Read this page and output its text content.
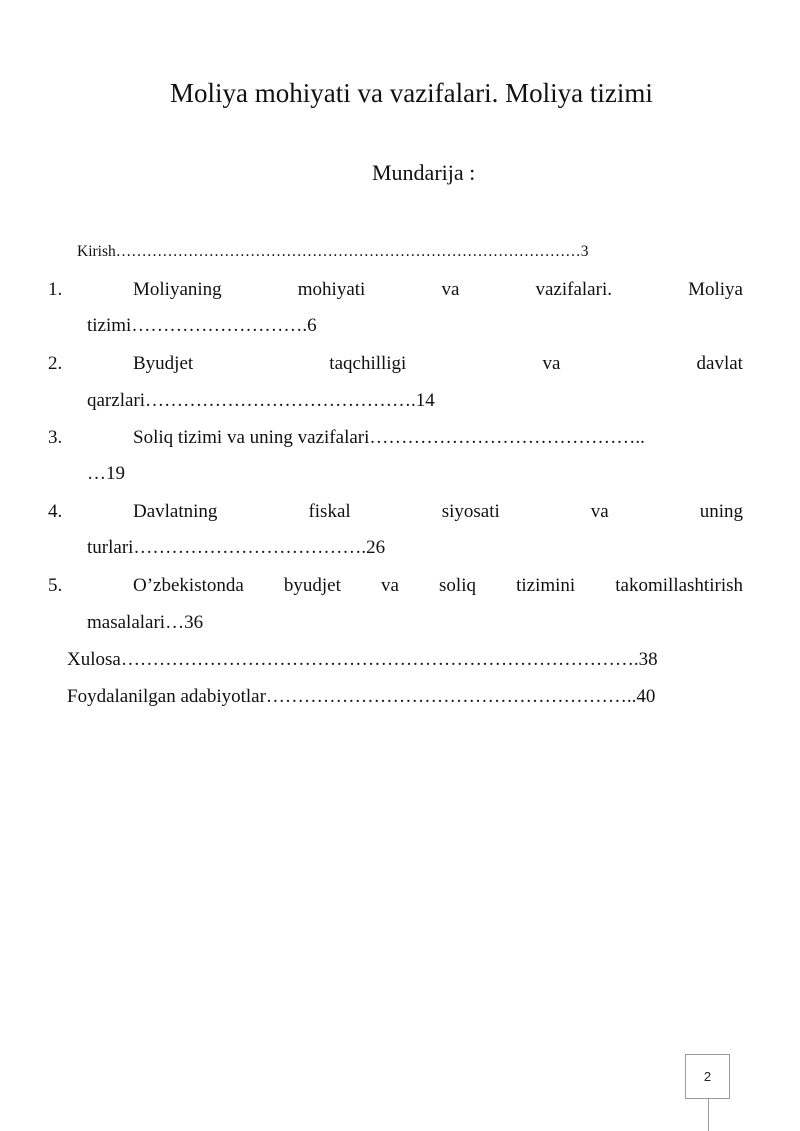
Moliya mohiyati va vazifalari. Moliya tizimi
Mundarija :
Kirish………………………………………………………………………………3
1.	Moliyaning	mohiyati	va	vazifalari.	Moliya
tizimi……………………….6
2.	Byudjet	taqchilligi	va	davlat
qarzlari…………………………………….14
3.	Soliq tizimi va uning vazifalari……………………………………..
…19
4.	Davlatning	fiskal	siyosati	va	uning
turlari……………………………….26
5.	O’zbekistonda byudjet va soliq tizimini takomillashtirish
masalalari…36
Xulosa……………………………………………………………………….38
Foydalanilgan adabiyotlar…………………………………………………..40
2
